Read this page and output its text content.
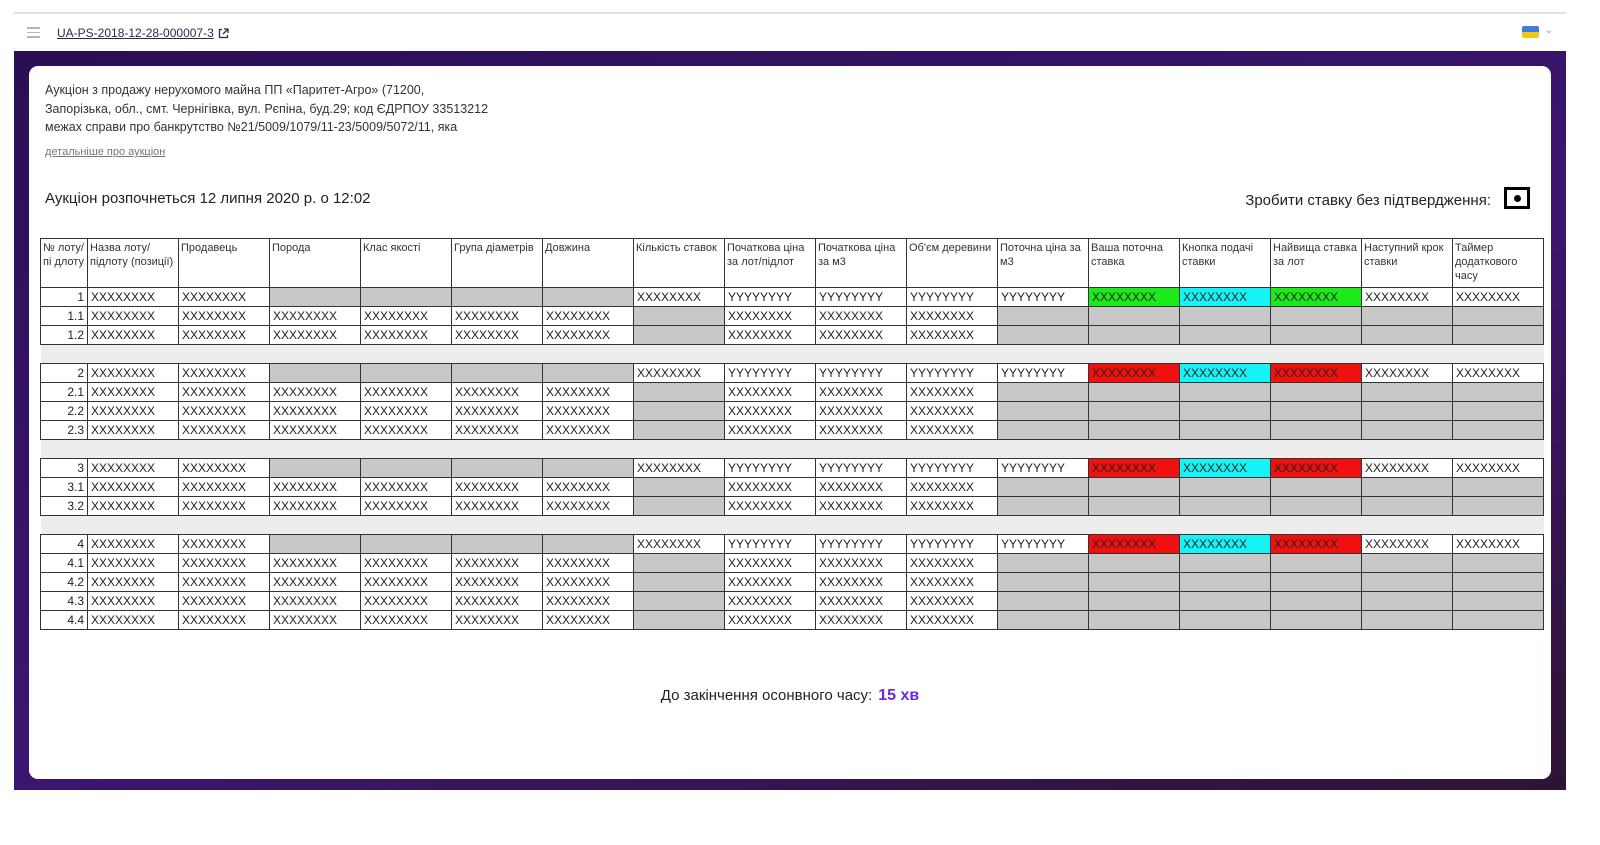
UA-PS-2018-12-28-000007-3	⌄
Аукціон з продажу нерухомого майна ПП «Паритет-Агро» (71200,
Запорізька, обл., смт. Чернігівка, вул. Рєпіна, буд.29; код ЄДРПОУ 33513212
межах справи про банкрутство №21/5009/1079/11-23/5009/5072/11, яка
детальніше про аукціон
Аукціон розпочнеться 12 липня 2020 р. о 12:02	Зробити ставку без підтвердження:
№ лоту/пі длоту	Назва лоту/підлоту (позиції)	Продавець	Порода	Клас якості	Група діаметрів	Довжина	Кількість ставок	Початкова ціна за лот/підлот	Початкова ціна за м3	Об'єм деревини	Поточна ціна за м3	Ваша поточна ставка	Кнопка подачі ставки	Найвища ставка за лот	Наступний крок ставки	Таймер додаткового часу
1	XXXXXXXX	XXXXXXXX					XXXXXXXX	YYYYYYYY	YYYYYYYY	YYYYYYYY	YYYYYYYY	XXXXXXXX	XXXXXXXX	XXXXXXXX	XXXXXXXX	XXXXXXXX
1.1	XXXXXXXX	XXXXXXXX	XXXXXXXX	XXXXXXXX	XXXXXXXX	XXXXXXXX		XXXXXXXX	XXXXXXXX	XXXXXXXX						
1.2	XXXXXXXX	XXXXXXXX	XXXXXXXX	XXXXXXXX	XXXXXXXX	XXXXXXXX		XXXXXXXX	XXXXXXXX	XXXXXXXX						

2	XXXXXXXX	XXXXXXXX					XXXXXXXX	YYYYYYYY	YYYYYYYY	YYYYYYYY	YYYYYYYY	XXXXXXXX	XXXXXXXX	XXXXXXXX	XXXXXXXX	XXXXXXXX
2.1	XXXXXXXX	XXXXXXXX	XXXXXXXX	XXXXXXXX	XXXXXXXX	XXXXXXXX		XXXXXXXX	XXXXXXXX	XXXXXXXX						
2.2	XXXXXXXX	XXXXXXXX	XXXXXXXX	XXXXXXXX	XXXXXXXX	XXXXXXXX		XXXXXXXX	XXXXXXXX	XXXXXXXX						
2.3	XXXXXXXX	XXXXXXXX	XXXXXXXX	XXXXXXXX	XXXXXXXX	XXXXXXXX		XXXXXXXX	XXXXXXXX	XXXXXXXX						

3	XXXXXXXX	XXXXXXXX					XXXXXXXX	YYYYYYYY	YYYYYYYY	YYYYYYYY	YYYYYYYY	XXXXXXXX	XXXXXXXX	XXXXXXXX	XXXXXXXX	XXXXXXXX
3.1	XXXXXXXX	XXXXXXXX	XXXXXXXX	XXXXXXXX	XXXXXXXX	XXXXXXXX		XXXXXXXX	XXXXXXXX	XXXXXXXX						
3.2	XXXXXXXX	XXXXXXXX	XXXXXXXX	XXXXXXXX	XXXXXXXX	XXXXXXXX		XXXXXXXX	XXXXXXXX	XXXXXXXX						

4	XXXXXXXX	XXXXXXXX					XXXXXXXX	YYYYYYYY	YYYYYYYY	YYYYYYYY	YYYYYYYY	XXXXXXXX	XXXXXXXX	XXXXXXXX	XXXXXXXX	XXXXXXXX
4.1	XXXXXXXX	XXXXXXXX	XXXXXXXX	XXXXXXXX	XXXXXXXX	XXXXXXXX		XXXXXXXX	XXXXXXXX	XXXXXXXX						
4.2	XXXXXXXX	XXXXXXXX	XXXXXXXX	XXXXXXXX	XXXXXXXX	XXXXXXXX		XXXXXXXX	XXXXXXXX	XXXXXXXX						
4.3	XXXXXXXX	XXXXXXXX	XXXXXXXX	XXXXXXXX	XXXXXXXX	XXXXXXXX		XXXXXXXX	XXXXXXXX	XXXXXXXX						
4.4	XXXXXXXX	XXXXXXXX	XXXXXXXX	XXXXXXXX	XXXXXXXX	XXXXXXXX		XXXXXXXX	XXXXXXXX	XXXXXXXX						
До закінчення осонвного часу: 15 хв
